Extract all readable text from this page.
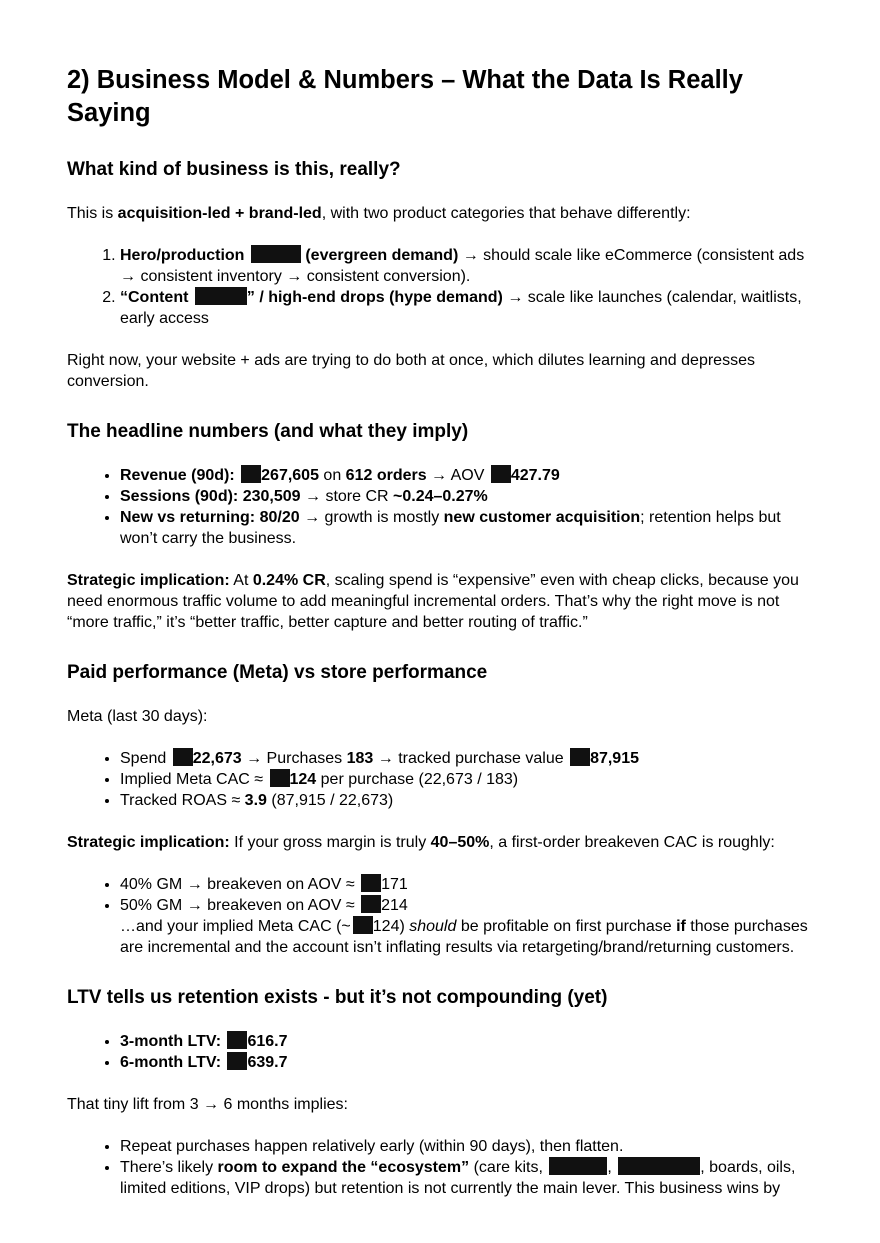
2) Business Model & Numbers – What the Data Is Really Saying
What kind of business is this, really?

This is acquisition-led + brand-led, with two product categories that behave differently:

1. Hero/production	(evergreen demand) → should scale like eCommerce (consistent ads → consistent inventory → consistent conversion).
2. “Content	” / high-end drops (hype demand) → scale like launches (calendar, waitlists, early access

Right now, your website + ads are trying to do both at once, which dilutes learning and depresses conversion.

The headline numbers (and what they imply)
• Revenue (90d): 267,605 on 612 orders → AOV 427.79
• Sessions (90d): 230,509 → store CR ~0.24–0.27%
• New vs returning: 80/20 → growth is mostly new customer acquisition; retention helps but won’t carry the business.

Strategic implication: At 0.24% CR, scaling spend is “expensive” even with cheap clicks, because you need enormous traffic volume to add meaningful incremental orders. That’s why the right move is not “more traffic,” it’s “better traffic, better capture and better routing of traffic.”

Paid performance (Meta) vs store performance

Meta (last 30 days):

• Spend 22,673 → Purchases 183 → tracked purchase value 87,915
• Implied Meta CAC ≈ 124 per purchase (22,673 / 183)
• Tracked ROAS ≈ 3.9 (87,915 / 22,673)

Strategic implication: If your gross margin is truly 40–50%, a first-order breakeven CAC is roughly:

• 40% GM → breakeven on AOV ≈ 171
• 50% GM → breakeven on AOV ≈ 214
…and your implied Meta CAC (~ 124) should be profitable on first purchase if those purchases are incremental and the account isn’t inflating results via retargeting/brand/returning customers.
LTV tells us retention exists - but it’s not compounding (yet)
• 3-month LTV: 616.7
• 6-month LTV: 639.7

That tiny lift from 3 → 6 months implies:

• Repeat purchases happen relatively early (within 90 days), then flatten.
• There’s likely room to expand the “ecosystem” (care kits,	,	, boards, oils, limited editions, VIP drops) but retention is not currently the main lever. This business wins by
